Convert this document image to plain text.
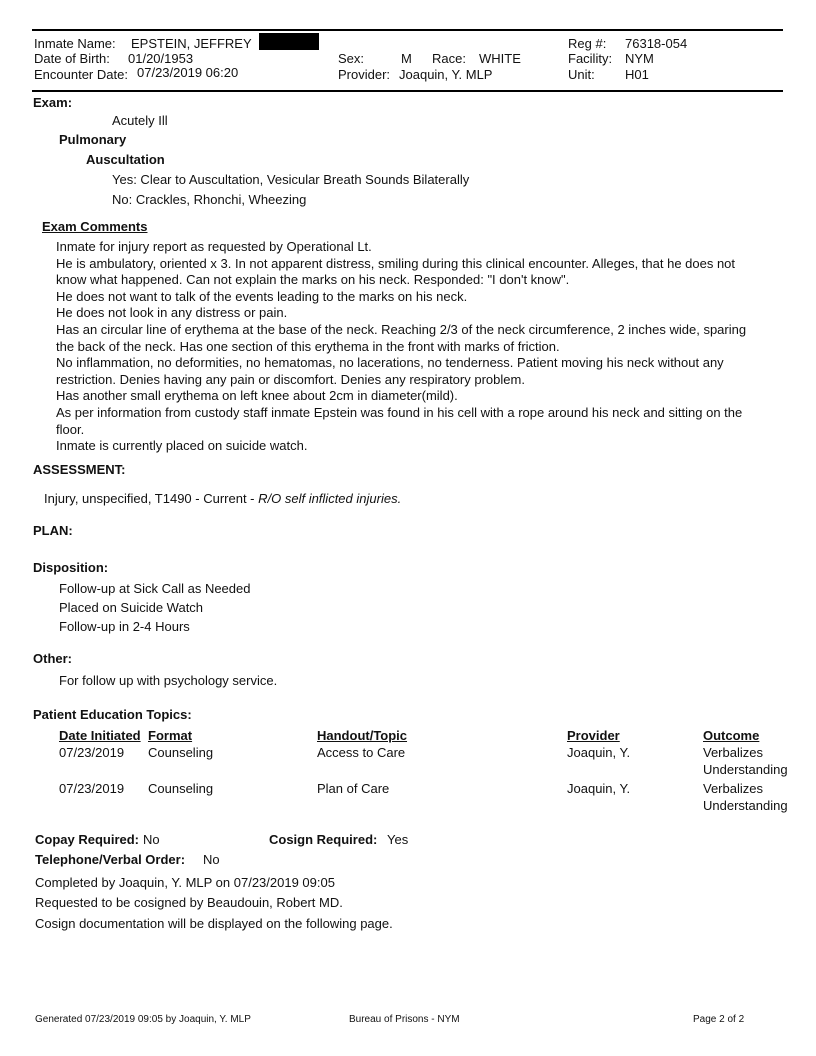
Inmate Name: EPSTEIN, JEFFREY
Date of Birth: 01/20/1953
Encounter Date: 07/23/2019 06:20
Sex:	M Race: WHITE
Provider: Joaquin, Y. MLP
Reg #: 76318-054
Facility: NYM
Unit: H01
Exam:
Acutely Ill
Pulmonary
Auscultation
Yes: Clear to Auscultation, Vesicular Breath Sounds Bilaterally
No: Crackles, Rhonchi, Wheezing
Exam Comments
Inmate for injury report as requested by Operational Lt.
He is ambulatory, oriented x 3. In not apparent distress, smiling during this clinical encounter. Alleges, that he does not
know what happened. Can not explain the marks on his neck. Responded: "I don't know".
He does not want to talk of the events leading to the marks on his neck.
He does not look in any distress or pain.
Has an circular line of erythema at the base of the neck. Reaching 2/3 of the neck circumference, 2 inches wide, sparing
the back of the neck. Has one section of this erythema in the front with marks of friction.
No inflammation, no deformities, no hematomas, no lacerations, no tenderness. Patient moving his neck without any
restriction. Denies having any pain or discomfort. Denies any respiratory problem.
Has another small erythema on left knee about 2cm in diameter(mild).
As per information from custody staff inmate Epstein was found in his cell with a rope around his neck and sitting on the
floor.
Inmate is currently placed on suicide watch.
ASSESSMENT:
Injury, unspecified, T1490 - Current - R/O self inflicted injuries.
PLAN:
Disposition:
Follow-up at Sick Call as Needed
Placed on Suicide Watch
Follow-up in 2-4 Hours
Other:
For follow up with psychology service.
Patient Education Topics:
Date Initiated Format	Handout/Topic	Provider	Outcome
07/23/2019 Counseling	Access to Care	Joaquin, Y.	Verbalizes
Understanding
07/23/2019 Counseling	Plan of Care	Joaquin, Y.	Verbalizes
Understanding
Copay Required: No	Cosign Required: Yes
Telephone/Verbal Order: No
Completed by Joaquin, Y. MLP on 07/23/2019 09:05
Requested to be cosigned by Beaudouin, Robert MD.
Cosign documentation will be displayed on the following page.
Generated 07/23/2019 09:05 by Joaquin, Y. MLP	Bureau of Prisons - NYM	Page 2 of 2
